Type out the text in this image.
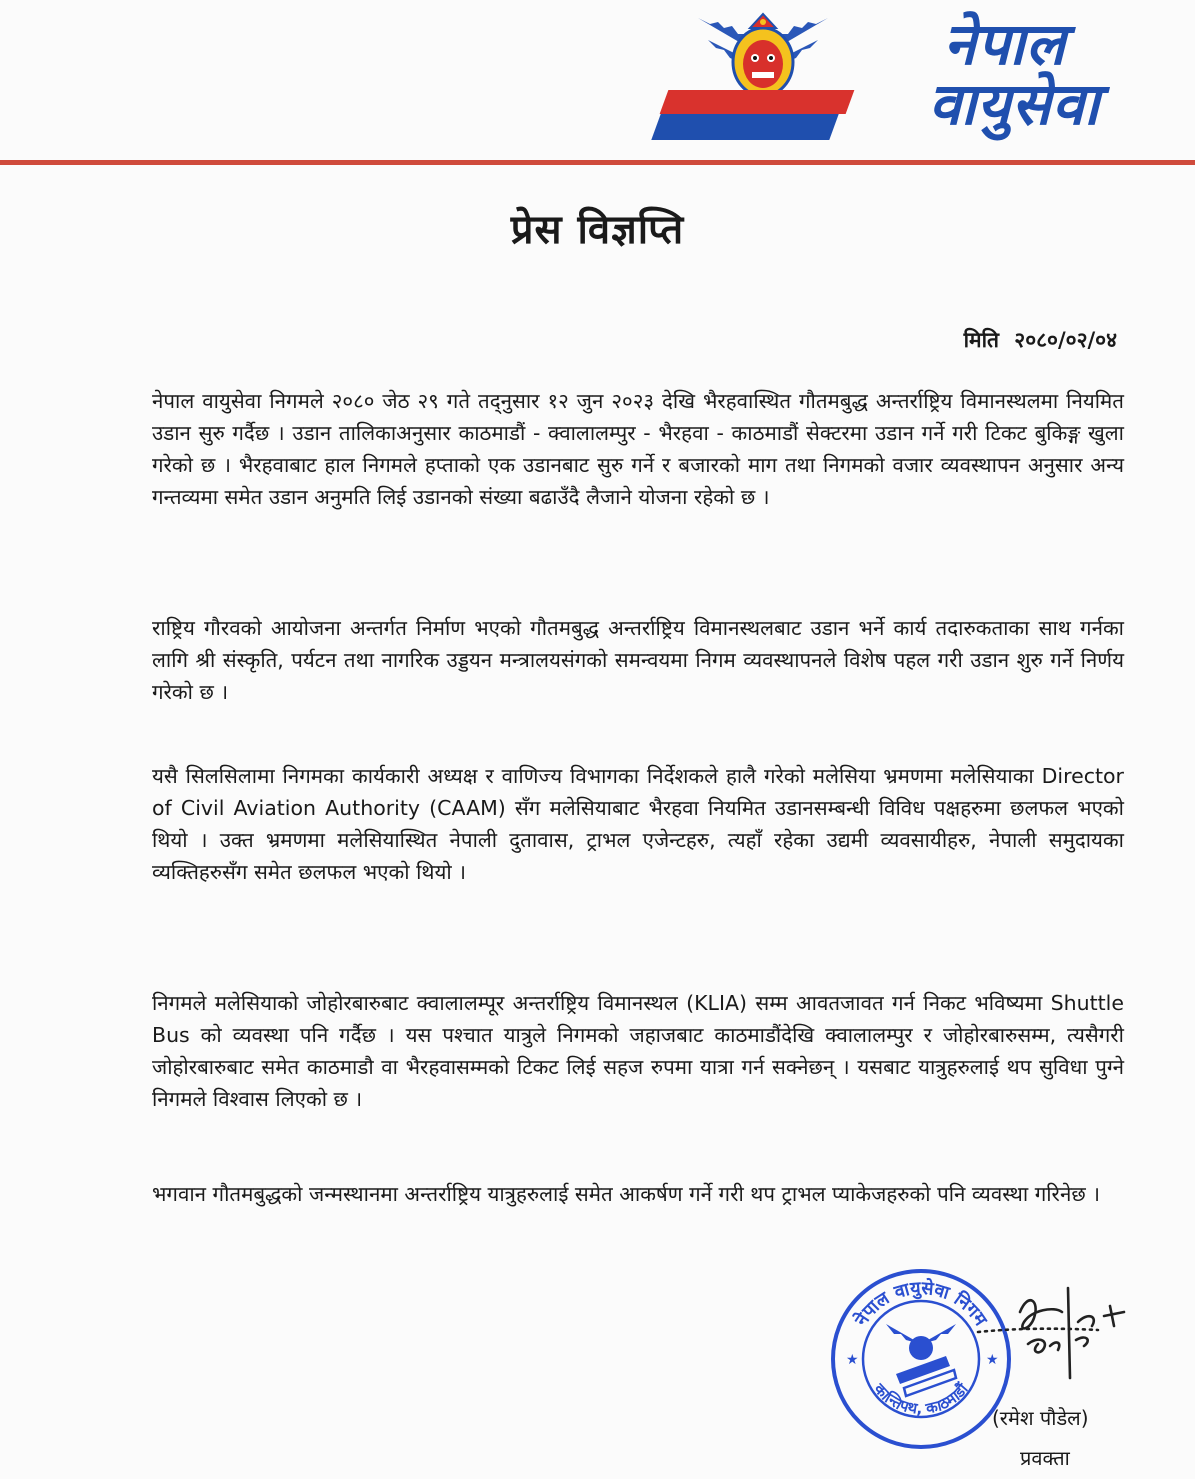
नेपाल
वायुसेवा
प्रेस विज्ञप्ति
मिति २०८०/०२/०४

नेपाल वायुसेवा निगमले २०८० जेठ २९ गते तद्नुसार १२ जुन २०२३ देखि भैरहवास्थित गौतमबुद्ध अन्तर्राष्ट्रिय विमानस्थलमा नियमित उडान सुरु गर्दैछ । उडान तालिकाअनुसार काठमाडौं - क्वालालम्पुर - भैरहवा - काठमाडौं सेक्टरमा उडान गर्ने गरी टिकट बुकिङ्ग खुला गरेको छ । भैरहवाबाट हाल निगमले हप्ताको एक उडानबाट सुरु गर्ने र बजारको माग तथा निगमको वजार व्यवस्थापन अनुसार अन्य गन्तव्यमा समेत उडान अनुमति लिई उडानको संख्या बढाउँदै लैजाने योजना रहेको छ ।

राष्ट्रिय गौरवको आयोजना अन्तर्गत निर्माण भएको गौतमबुद्ध अन्तर्राष्ट्रिय विमानस्थलबाट उडान भर्ने कार्य तदारुकताका साथ गर्नका लागि श्री संस्कृति, पर्यटन तथा नागरिक उड्डयन मन्त्रालयसंगको समन्वयमा निगम व्यवस्थापनले विशेष पहल गरी उडान शुरु गर्ने निर्णय गरेको छ ।

यसै सिलसिलामा निगमका कार्यकारी अध्यक्ष र वाणिज्य विभागका निर्देशकले हालै गरेको मलेसिया भ्रमणमा मलेसियाका Director of Civil Aviation Authority (CAAM) सँग मलेसियाबाट भैरहवा नियमित उडानसम्बन्धी विविध पक्षहरुमा छलफल भएको थियो । उक्त भ्रमणमा मलेसियास्थित नेपाली दुतावास, ट्राभल एजेन्टहरु, त्यहाँ रहेका उद्यमी व्यवसायीहरु, नेपाली समुदायका व्यक्तिहरुसँग समेत छलफल भएको थियो ।

निगमले मलेसियाको जोहोरबारुबाट क्वालालम्पूर अन्तर्राष्ट्रिय विमानस्थल (KLIA) सम्म आवतजावत गर्न निकट भविष्यमा Shuttle Bus को व्यवस्था पनि गर्दैछ । यस पश्चात यात्रुले निगमको जहाजबाट काठमाडौंदेखि क्वालालम्पुर र जोहोरबारुसम्म, त्यसैगरी जोहोरबारुबाट समेत काठमाडौ वा भैरहवासम्मको टिकट लिई सहज रुपमा यात्रा गर्न सक्नेछन् । यसबाट यात्रुहरुलाई थप सुविधा पुग्ने निगमले विश्वास लिएको छ ।

भगवान गौतमबुद्धको जन्मस्थानमा अन्तर्राष्ट्रिय यात्रुहरुलाई समेत आकर्षण गर्ने गरी थप ट्राभल प्याकेजहरुको पनि व्यवस्था गरिनेछ ।

नेपाल वायुसेवा निगम
कान्तिपथ, काठमाडौं
★	★
(रमेश पौडेल)
प्रवक्ता
